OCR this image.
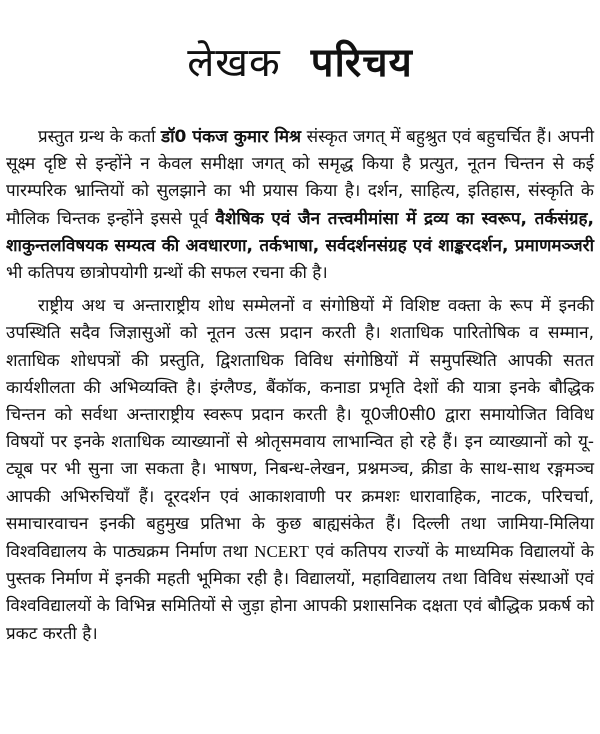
लेखक परिचय

प्रस्तुत ग्रन्थ के कर्ता डॉ0 पंकज कुमार मिश्र संस्कृत जगत् में बहुश्रुत एवं बहुचर्चित हैं। अपनी सूक्ष्म दृष्टि से इन्होंने न केवल समीक्षा जगत् को समृद्ध किया है प्रत्युत, नूतन चिन्तन से कई पारम्परिक भ्रान्तियों को सुलझाने का भी प्रयास किया है। दर्शन, साहित्य, इतिहास, संस्कृति के मौलिक चिन्तक इन्होंने इससे पूर्व वैशेषिक एवं जैन तत्त्वमीमांसा में द्रव्य का स्वरूप, तर्कसंग्रह, शाकुन्तलविषयक सम्यत्व की अवधारणा, तर्कभाषा, सर्वदर्शनसंग्रह एवं शाङ्करदर्शन, प्रमाणमञ्जरी भी कतिपय छात्रोपयोगी ग्रन्थों की सफल रचना की है।

राष्ट्रीय अथ च अन्ताराष्ट्रीय शोध सम्मेलनों व संगोष्ठियों में विशिष्ट वक्ता के रूप में इनकी उपस्थिति सदैव जिज्ञासुओं को नूतन उत्स प्रदान करती है। शताधिक पारितोषिक व सम्मान, शताधिक शोधपत्रों की प्रस्तुति, द्विशताधिक विविध संगोष्ठियों में समुपस्थिति आपकी सतत कार्यशीलता की अभिव्यक्ति है। इंग्लैण्ड, बैंकॉक, कनाडा प्रभृति देशों की यात्रा इनके बौद्धिक चिन्तन को सर्वथा अन्ताराष्ट्रीय स्वरूप प्रदान करती है। यू0जी0सी0 द्वारा समायोजित विविध विषयों पर इनके शताधिक व्याख्यानों से श्रोतृसमवाय लाभान्वित हो रहे हैं। इन व्याख्यानों को यू-ट्यूब पर भी सुना जा सकता है। भाषण, निबन्ध-लेखन, प्रश्नमञ्च, क्रीडा के साथ-साथ रङ्गमञ्च आपकी अभिरुचियाँ हैं। दूरदर्शन एवं आकाशवाणी पर क्रमशः धारावाहिक, नाटक, परिचर्चा, समाचारवाचन इनकी बहुमुख प्रतिभा के कुछ बाह्यसंकेत हैं। दिल्ली तथा जामिया-मिलिया विश्वविद्यालय के पाठ्यक्रम निर्माण तथा NCERT एवं कतिपय राज्यों के माध्यमिक विद्यालयों के पुस्तक निर्माण में इनकी महती भूमिका रही है। विद्यालयों, महाविद्यालय तथा विविध संस्थाओं एवं विश्वविद्यालयों के विभिन्न समितियों से जुड़ा होना आपकी प्रशासनिक दक्षता एवं बौद्धिक प्रकर्ष को प्रकट करती है।
